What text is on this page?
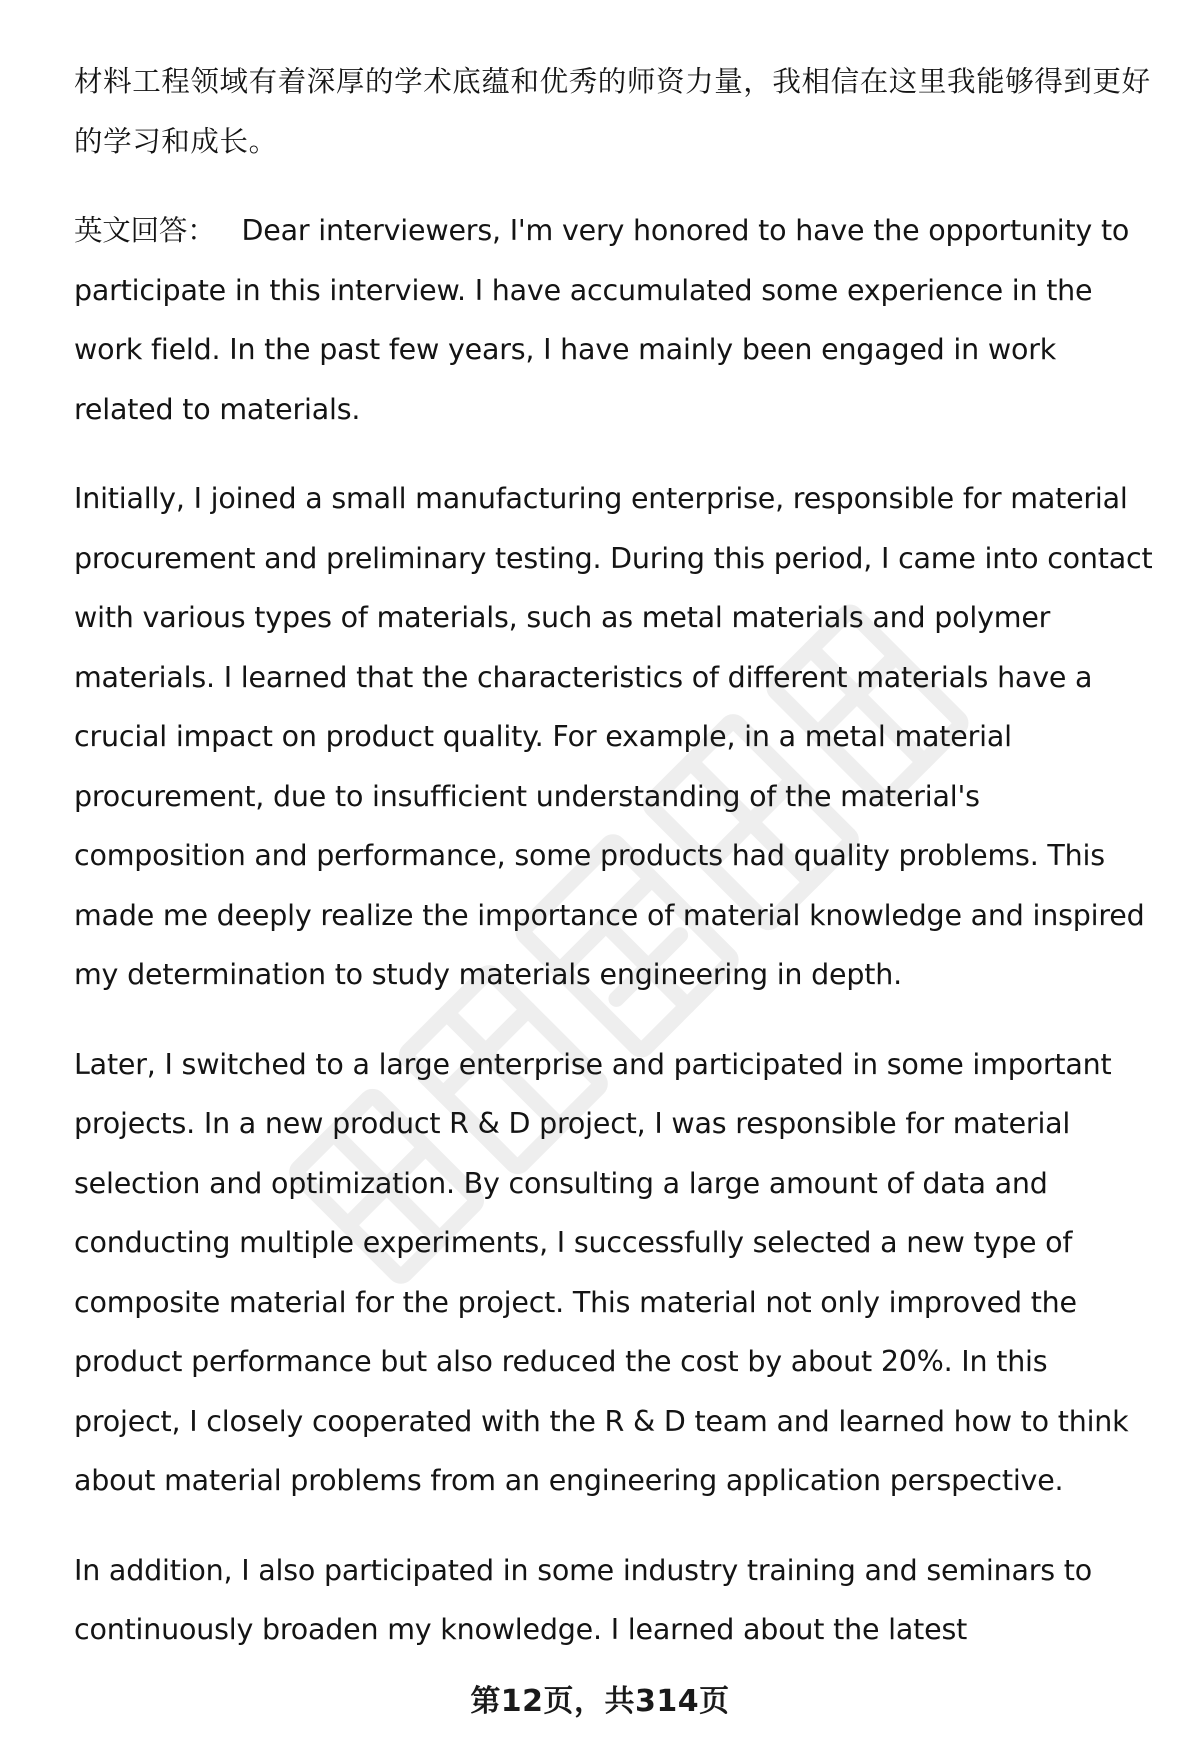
材料工程领域有着深厚的学术底蕴和优秀的师资力量，我相信在这里我能够得到更好的学习和成长。

英文回答： Dear interviewers, I'm very honored to have the opportunity to participate in this interview. I have accumulated some experience in the work field. In the past few years, I have mainly been engaged in work related to materials.

Initially, I joined a small manufacturing enterprise, responsible for material procurement and preliminary testing. During this period, I came into contact with various types of materials, such as metal materials and polymer materials. I learned that the characteristics of different materials have a crucial impact on product quality. For example, in a metal material procurement, due to insufficient understanding of the material's composition and performance, some products had quality problems. This made me deeply realize the importance of material knowledge and inspired my determination to study materials engineering in depth.

Later, I switched to a large enterprise and participated in some important projects. In a new product R & D project, I was responsible for material selection and optimization. By consulting a large amount of data and conducting multiple experiments, I successfully selected a new type of composite material for the project. This material not only improved the product performance but also reduced the cost by about 20%. In this project, I closely cooperated with the R & D team and learned how to think about material problems from an engineering application perspective.

In addition, I also participated in some industry training and seminars to continuously broaden my knowledge. I learned about the latest

第12页，共314页
